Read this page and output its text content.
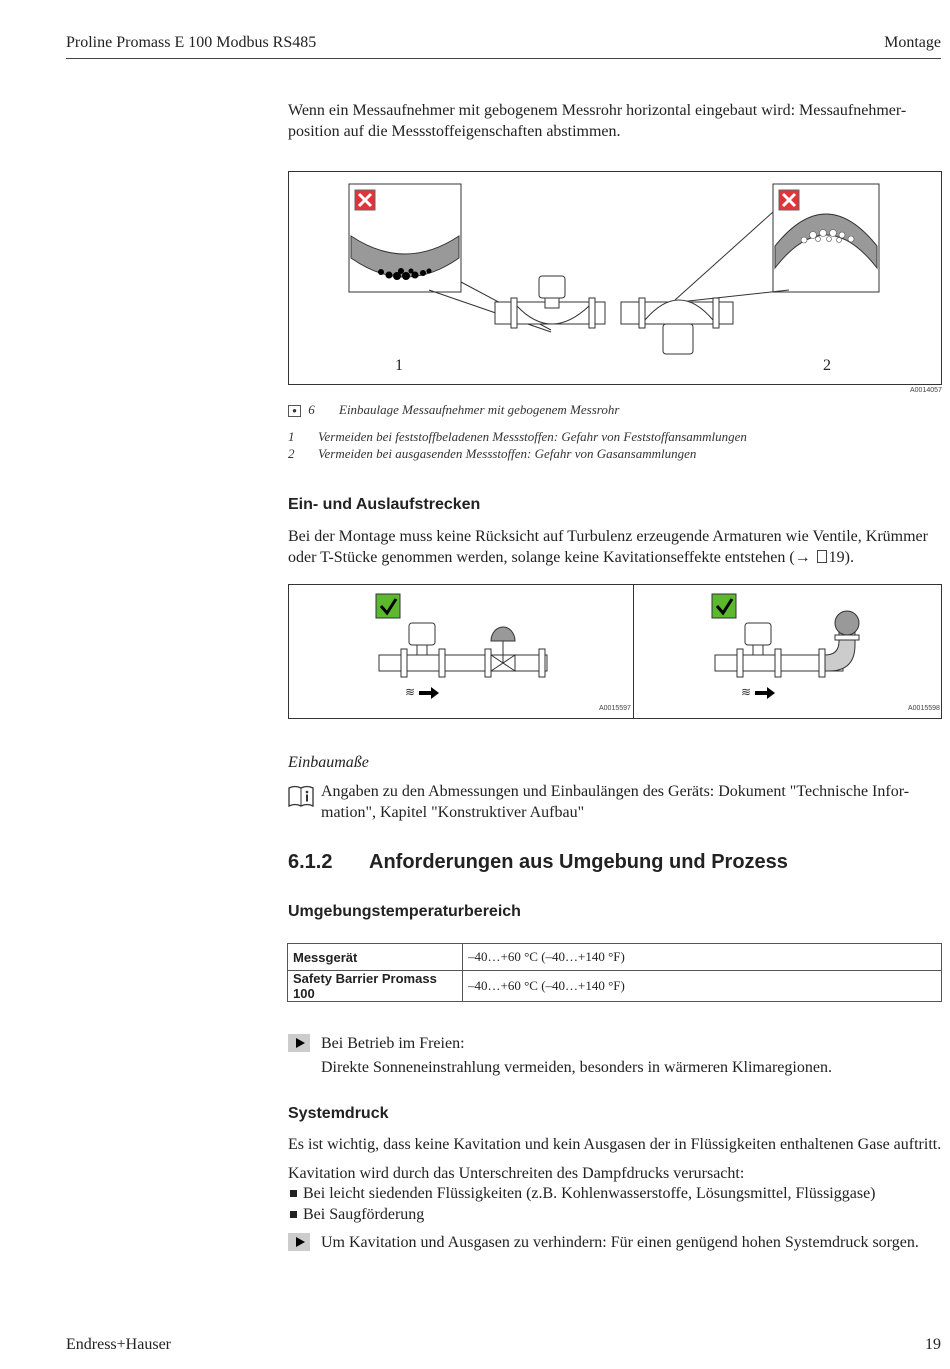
Proline Promass E 100 Modbus RS485	Montage
Wenn ein Messaufnehmer mit gebogenem Messrohr horizontal eingebaut wird: Messaufnehmer-position auf die Messstoffeigenschaften abstimmen.
1	2
A0014057
● 6 Einbaulage Messaufnehmer mit gebogenem Messrohr
1 Vermeiden bei feststoffbeladenen Messstoffen: Gefahr von Feststoffansammlungen
2 Vermeiden bei ausgasenden Messstoffen: Gefahr von Gasansammlungen
Ein- und Auslaufstrecken
Bei der Montage muss keine Rücksicht auf Turbulenz erzeugende Armaturen wie Ventile, Krümmer
oder T-Stücke genommen werden, solange keine Kavitationseffekte entstehen (→ 19).
≋	≋
A0015597	A0015598
Einbaumaße
Angaben zu den Abmessungen und Einbaulängen des Geräts: Dokument "Technische Infor-mation", Kapitel "Konstruktiver Aufbau"
6.1.2 Anforderungen aus Umgebung und Prozess
Umgebungstemperaturbereich
Messgerät	–40…+60 °C (–40…+140 °F)
Safety Barrier Promass 100	–40…+60 °C (–40…+140 °F)
Bei Betrieb im Freien:
Direkte Sonneneinstrahlung vermeiden, besonders in wärmeren Klimaregionen.
Systemdruck
Es ist wichtig, dass keine Kavitation und kein Ausgasen der in Flüssigkeiten enthaltenen Gase auftritt.
Kavitation wird durch das Unterschreiten des Dampfdrucks verursacht:
Bei leicht siedenden Flüssigkeiten (z.B. Kohlenwasserstoffe, Lösungsmittel, Flüssiggase)
Bei Saugförderung
Um Kavitation und Ausgasen zu verhindern: Für einen genügend hohen Systemdruck sorgen.
Endress+Hauser	19
